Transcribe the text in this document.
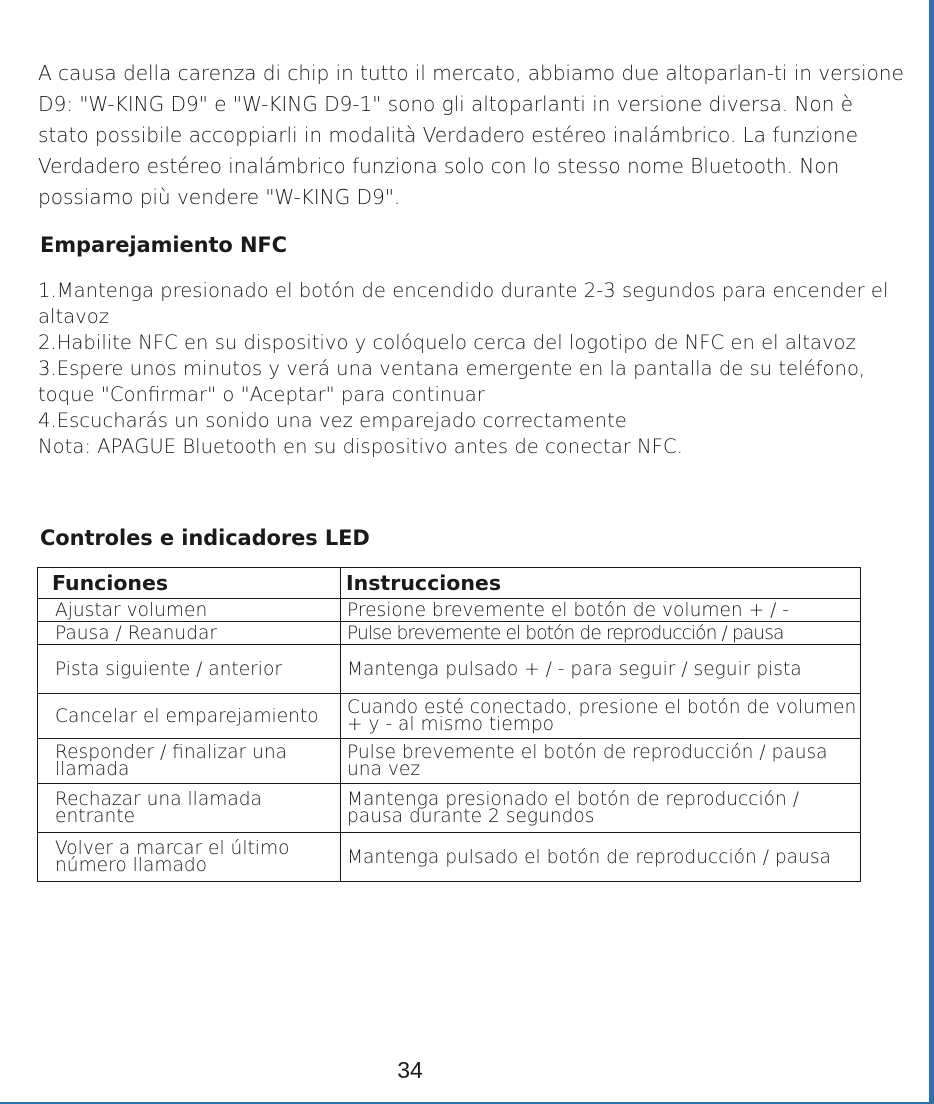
A causa della carenza di chip in tutto il mercato, abbiamo due altoparlan-ti in versione D9: "W-KING D9" e "W-KING D9-1" sono gli altoparlanti in versione diversa. Non è stato possibile accoppiarli in modalità Verdadero estéreo inalámbrico. La funzione Verdadero estéreo inalámbrico funziona solo con lo stesso nome Bluetooth. Non possiamo più vendere "W-KING D9".
Emparejamiento NFC
1.Mantenga presionado el botón de encendido durante 2-3 segundos para encender el altavoz
2.Habilite NFC en su dispositivo y colóquelo cerca del logotipo de NFC en el altavoz
3.Espere unos minutos y verá una ventana emergente en la pantalla de su teléfono, toque "Confirmar" o "Aceptar" para continuar
4.Escucharás un sonido una vez emparejado correctamente
Nota: APAGUE Bluetooth en su dispositivo antes de conectar NFC.
Controles e indicadores LED
Funciones	Instrucciones
Ajustar volumen	Presione brevemente el botón de volumen + / -
Pausa / Reanudar	Pulse brevemente el botón de reproducción / pausa
Pista siguiente / anterior	Mantenga pulsado + / - para seguir / seguir pista
Cancelar el emparejamiento	Cuando esté conectado, presione el botón de volumen + y - al mismo tiempo
Responder / finalizar una llamada	Pulse brevemente el botón de reproducción / pausa una vez
Rechazar una llamada entrante	Mantenga presionado el botón de reproducción / pausa durante 2 segundos
Volver a marcar el último número llamado	Mantenga pulsado el botón de reproducción / pausa
34
